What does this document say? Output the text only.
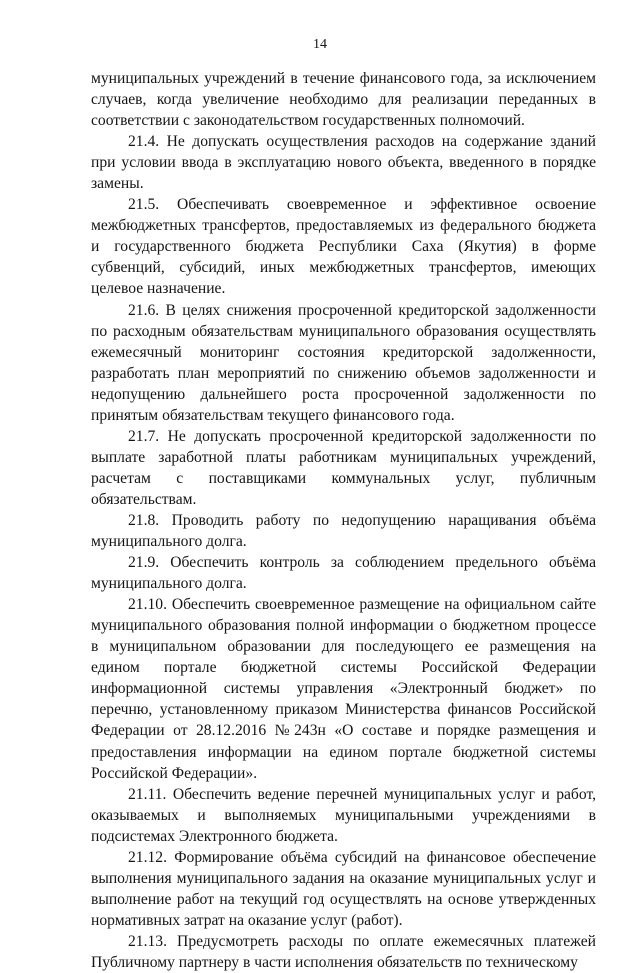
14

муниципальных учреждений в течение финансового года, за исключением случаев, когда увеличение необходимо для реализации переданных в соответствии с законодательством государственных полномочий.

21.4. Не допускать осуществления расходов на содержание зданий при условии ввода в эксплуатацию нового объекта, введенного в порядке замены.

21.5. Обеспечивать своевременное и эффективное освоение межбюджетных трансфертов, предоставляемых из федерального бюджета и государственного бюджета Республики Саха (Якутия) в форме субвенций, субсидий, иных межбюджетных трансфертов, имеющих целевое назначение.

21.6. В целях снижения просроченной кредиторской задолженности по расходным обязательствам муниципального образования осуществлять ежемесячный мониторинг состояния кредиторской задолженности, разработать план мероприятий по снижению объемов задолженности и недопущению дальнейшего роста просроченной задолженности по принятым обязательствам текущего финансового года.

21.7. Не допускать просроченной кредиторской задолженности по выплате заработной платы работникам муниципальных учреждений, расчетам с поставщиками коммунальных услуг, публичным обязательствам.

21.8. Проводить работу по недопущению наращивания объёма муниципального долга.

21.9. Обеспечить контроль за соблюдением предельного объёма муниципального долга.

21.10. Обеспечить своевременное размещение на официальном сайте муниципального образования полной информации о бюджетном процессе в муниципальном образовании для последующего ее размещения на едином портале бюджетной системы Российской Федерации информационной системы управления «Электронный бюджет» по перечню, установленному приказом Министерства финансов Российской Федерации от 28.12.2016 №243н «О составе и порядке размещения и предоставления информации на едином портале бюджетной системы Российской Федерации».

21.11. Обеспечить ведение перечней муниципальных услуг и работ, оказываемых и выполняемых муниципальными учреждениями в подсистемах Электронного бюджета.

21.12. Формирование объёма субсидий на финансовое обеспечение выполнения муниципального задания на оказание муниципальных услуг и выполнение работ на текущий год осуществлять на основе утвержденных нормативных затрат на оказание услуг (работ).

21.13. Предусмотреть расходы по оплате ежемесячных платежей Публичному партнеру в части исполнения обязательств по техническому
